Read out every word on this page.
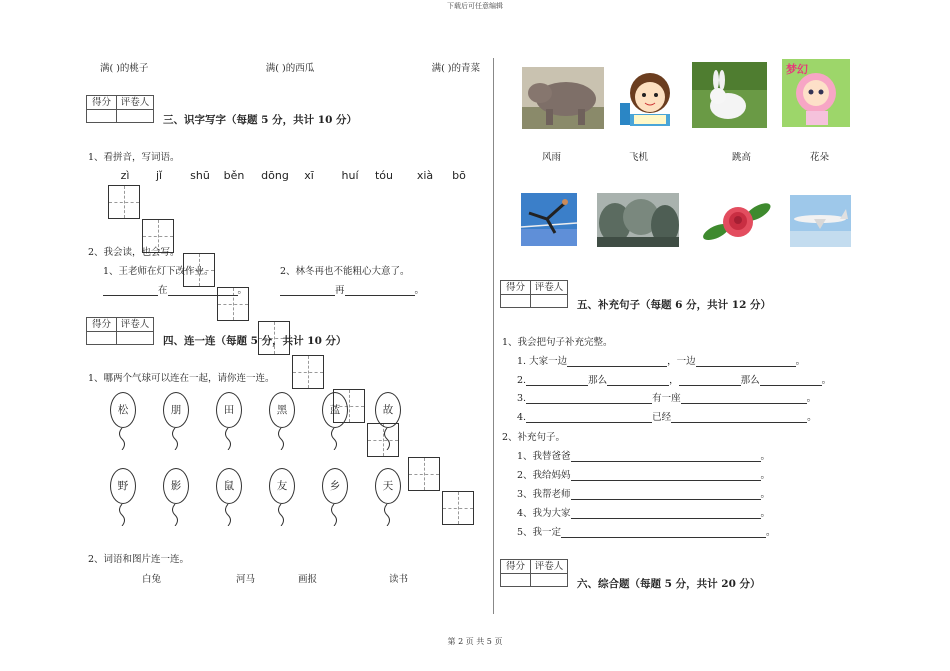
下载后可任意编辑
满( )的桃子	满( )的西瓜	满( )的青菜
得分	评卷人
三、识字写字（每题 5 分，共计 10 分）
1、看拼音，写词语。
zì	jǐ	shū	běn	dōng	xī	huí	tóu	xià	bō
2、我会读，也会写。
1、王老师在灯下改作业。	2、林冬再也不能粗心大意了。
在	。	再	。
得分	评卷人
四、连一连（每题 5 分，共计 10 分）
1、哪两个气球可以连在一起，请你连一连。
松	朋	田	黑	蓝	故
野	影	鼠	友	乡	天
2、词语和图片连一连。
白兔	河马	画报	读书
梦幻
风雨	飞机	跳高	花朵
得分	评卷人
五、补充句子（每题 6 分，共计 12 分）
1、我会把句子补充完整。
1. 大家一边	，一边	。
2.	那么	，	那么	。
3.	有一座	。
4.	已经	。
2、补充句子。
1、我替爸爸	。
2、我给妈妈	。
3、我帮老师	。
4、我为大家	。
5、我一定	。
得分	评卷人
六、综合题（每题 5 分，共计 20 分）
第 2 页 共 5 页
